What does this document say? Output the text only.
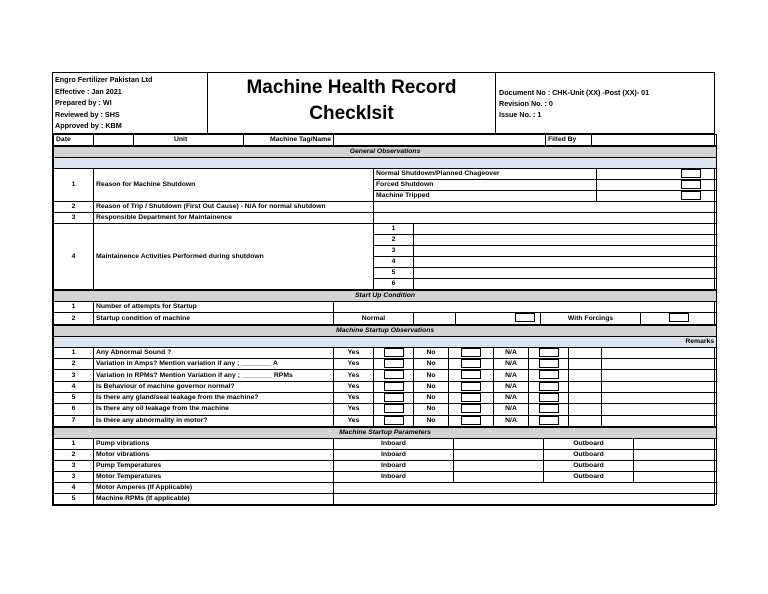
Engro Fertilizer Pakistan Ltd
Effective : Jan 2021
Prepared by : WI
Reviewed by : SHS
Approved by : KBM
Machine Health Record
Checklsit
Document No : CHK-Unit (XX) -Post (XX)- 01
Revision No. : 0
Issue No. : 1
Date		Unit	Machine Tag/Name		Filled By	
General Observations					

1	Reason for Machine Shutdown	Normal Shutdown/Planned Chageover			
		Forced Shutdown			
		Machine Tripped			
2	Reason of Trip / Shutdown (First Out Cause) - N/A for normal shutdown				
3	Responsible Department for Maintainence				
4	Maintainence Activities Performed during shutdown	1			
		2			
		3			
		4			
		5			
		6			
Start Up Condition							
1	Number of attempts for Startup						
2	Startup condition of machine	Normal				With Forcings	
Machine Startup Observations									
									Remarks
1	Any Abnormal Sound ?	Yes		No		N/A			
2	Variation in Amps? Mention variation if any ; ________ A	Yes		No		N/A			
3	Variation in RPMs? Mention Variation if any ; ________ RPMs	Yes		No		N/A			
4	Is Behaviour of machine governor normal?	Yes		No		N/A			
5	Is there any gland/seal leakage from the machine?	Yes		No		N/A			
6	Is there any oil leakage from the machine	Yes		No		N/A			
7	Is there any abnormality in motor?	Yes		No		N/A			
Machine Startup Parameters					
1	Pump vibrations	Inboard		Outboard	
2	Motor vibrations	Inboard		Outboard	
3	Pump Temperatures	Inboard		Outboard	
3	Motor Temperatures	Inboard		Outboard	
4	Motor Amperes (If Applicable)				
5	Machine RPMs (If applicable)				
